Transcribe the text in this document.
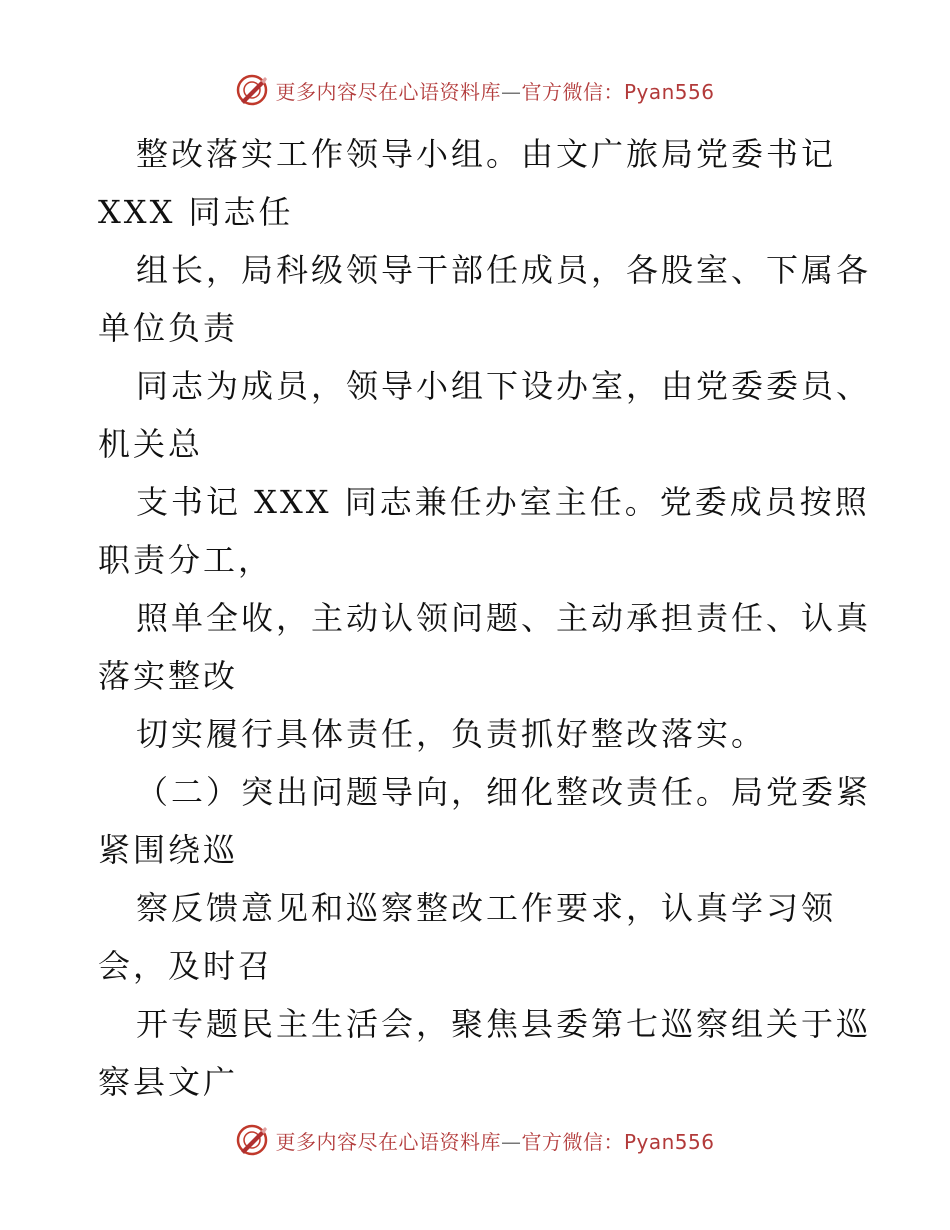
更多内容尽在心语资料库—官方微信：Pyan556
整改落实工作领导小组。由文广旅局党委书记
XXX 同志任
组长，局科级领导干部任成员，各股室、下属各
单位负责
同志为成员，领导小组下设办室，由党委委员、
机关总
支书记 XXX 同志兼任办室主任。党委成员按照
职责分工，
照单全收，主动认领问题、主动承担责任、认真
落实整改
切实履行具体责任，负责抓好整改落实。
（二）突出问题导向，细化整改责任。局党委紧
紧围绕巡
察反馈意见和巡察整改工作要求，认真学习领
会，及时召
开专题民主生活会，聚焦县委第七巡察组关于巡
察县文广
更多内容尽在心语资料库—官方微信：Pyan556
